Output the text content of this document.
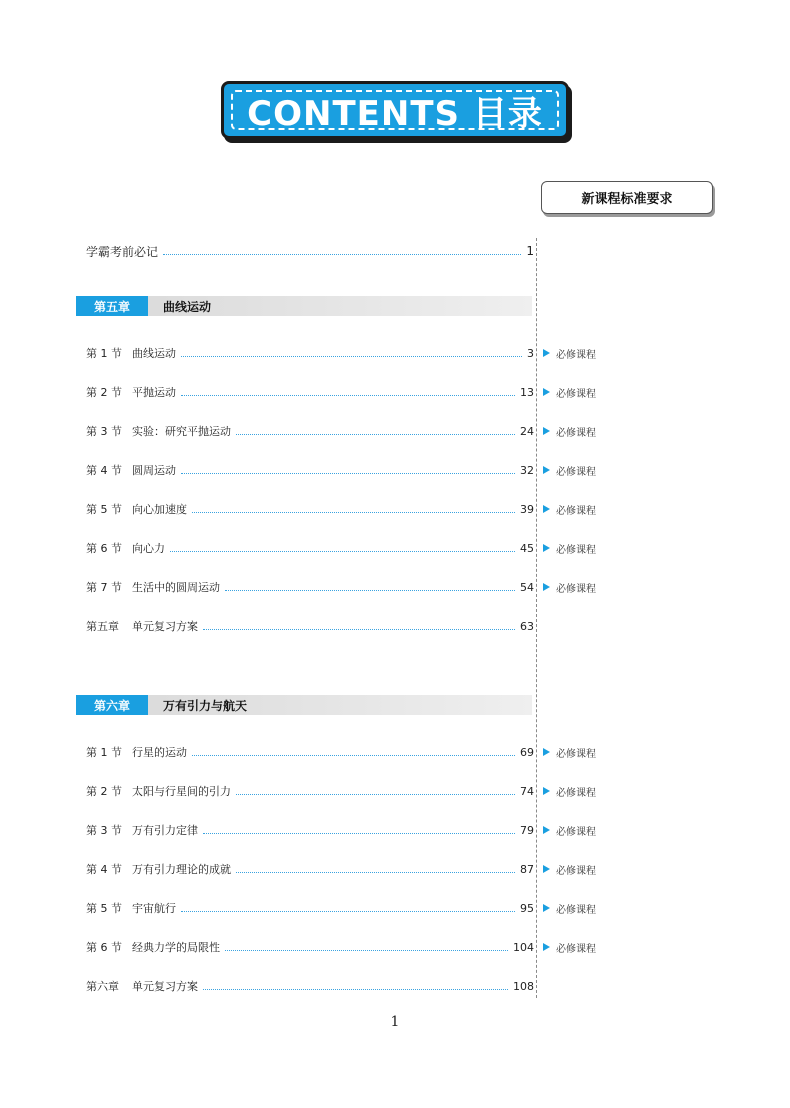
CONTENTS 目录
新课程标准要求
学霸考前必记	1
第五章	曲线运动
第 1 节 曲线运动	3 必修课程
第 2 节 平抛运动	13 必修课程
第 3 节 实验：研究平抛运动	24 必修课程
第 4 节 圆周运动	32 必修课程
第 5 节 向心加速度	39 必修课程
第 6 节 向心力	45 必修课程
第 7 节 生活中的圆周运动	54 必修课程
第五章	单元复习方案	63
第六章	万有引力与航天
第 1 节 行星的运动	69 必修课程
第 2 节 太阳与行星间的引力	74 必修课程
第 3 节 万有引力定律	79 必修课程
第 4 节 万有引力理论的成就	87 必修课程
第 5 节 宇宙航行	95 必修课程
第 6 节 经典力学的局限性	104 必修课程
第六章	单元复习方案	108
1
